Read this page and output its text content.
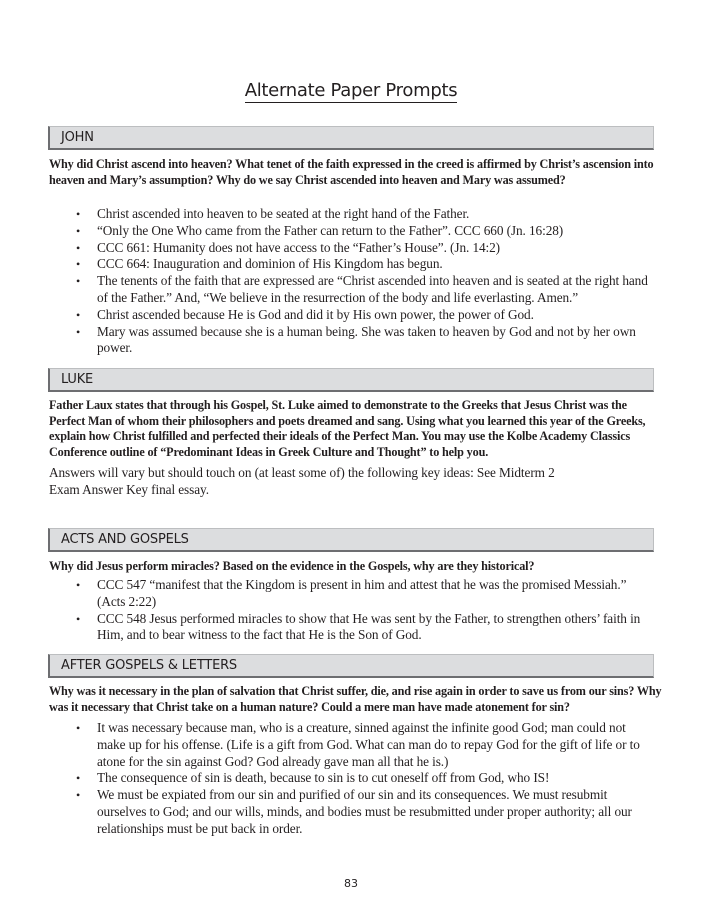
Alternate Paper Prompts
JOHN
Why did Christ ascend into heaven? What tenet of the faith expressed in the creed is affirmed by Christ’s ascension into heaven and Mary’s assumption? Why do we say Christ ascended into heaven and Mary was assumed?
• Christ ascended into heaven to be seated at the right hand of the Father.
• “Only the One Who came from the Father can return to the Father”. CCC 660 (Jn. 16:28)
• CCC 661: Humanity does not have access to the “Father’s House”. (Jn. 14:2)
• CCC 664: Inauguration and dominion of His Kingdom has begun.
• The tenents of the faith that are expressed are “Christ ascended into heaven and is seated at the right hand of the Father.” And, “We believe in the resurrection of the body and life everlasting. Amen.”
• Christ ascended because He is God and did it by His own power, the power of God.
• Mary was assumed because she is a human being. She was taken to heaven by God and not by her own power.
LUKE
Father Laux states that through his Gospel, St. Luke aimed to demonstrate to the Greeks that Jesus Christ was the Perfect Man of whom their philosophers and poets dreamed and sang. Using what you learned this year of the Greeks, explain how Christ fulfilled and perfected their ideals of the Perfect Man. You may use the Kolbe Academy Classics Conference outline of “Predominant Ideas in Greek Culture and Thought” to help you.
Answers will vary but should touch on (at least some of) the following key ideas: See Midterm 2 Exam Answer Key final essay.
ACTS AND GOSPELS
Why did Jesus perform miracles? Based on the evidence in the Gospels, why are they historical?
• CCC 547 “manifest that the Kingdom is present in him and attest that he was the promised Messiah.” (Acts 2:22)
• CCC 548 Jesus performed miracles to show that He was sent by the Father, to strengthen others’ faith in Him, and to bear witness to the fact that He is the Son of God.
AFTER GOSPELS & LETTERS
Why was it necessary in the plan of salvation that Christ suffer, die, and rise again in order to save us from our sins? Why was it necessary that Christ take on a human nature? Could a mere man have made atonement for sin?
• It was necessary because man, who is a creature, sinned against the infinite good God; man could not make up for his offense. (Life is a gift from God. What can man do to repay God for the gift of life or to atone for the sin against God? God already gave man all that he is.)
• The consequence of sin is death, because to sin is to cut oneself off from God, who IS!
• We must be expiated from our sin and purified of our sin and its consequences. We must resubmit ourselves to God; and our wills, minds, and bodies must be resubmitted under proper authority; all our relationships must be put back in order.
83
